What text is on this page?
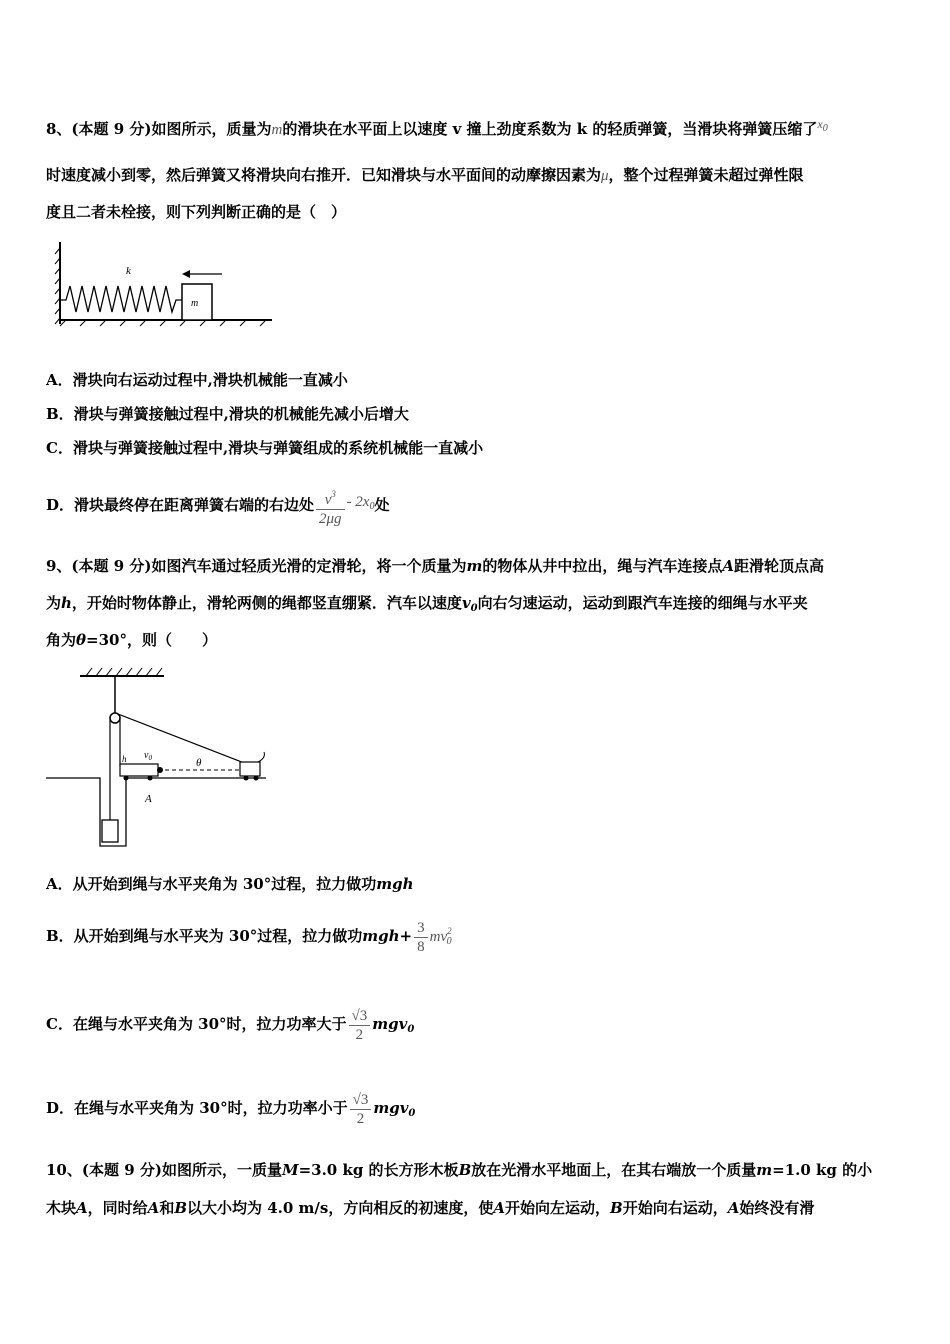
8、(本题 9 分)如图所示，质量为m的滑块在水平面上以速度 v 撞上劲度系数为 k 的轻质弹簧，当滑块将弹簧压缩了$^{x_0}$
时速度减小到零，然后弹簧又将滑块向右推开．已知滑块与水平面间的动摩擦因素为μ，整个过程弹簧未超过弹性限
度且二者未栓接，则下列判断正确的是（　）
k
m
A．滑块向右运动过程中,滑块机械能一直减小
B．滑块与弹簧接触过程中,滑块的机械能先减小后增大
C．滑块与弹簧接触过程中,滑块与弹簧组成的系统机械能一直减小
D．滑块最终停在距离弹簧右端的右边处 $\frac{v^3}{2\mu g} - 2x_0$处
9、(本题 9 分)如图汽车通过轻质光滑的定滑轮，将一个质量为m的物体从井中拉出，绳与汽车连接点A距滑轮顶点高
为h，开始时物体静止，滑轮两侧的绳都竖直绷紧．汽车以速度$v_0$向右匀速运动，运动到跟汽车连接的细绳与水平夹
角为θ=30°，则（　　）
$v_0$	θ
A
h
A．从开始到绳与水平夹角为 30°过程，拉力做功mgh
B．从开始到绳与水平夹为 30°过程，拉力做功$mgh+ \frac{3}{8} mv^2_0$
C．在绳与水平夹角为 30°时，拉力功率大于 $\frac{√3}{2} mgv_0$
D．在绳与水平夹角为 30°时，拉力功率小于 $\frac{√3}{2} mgv_0$
10、(本题 9 分)如图所示，一质量M=3.0 kg 的长方形木板B放在光滑水平地面上，在其右端放一个质量m=1.0 kg 的小
木块A，同时给A和B以大小均为 4.0 m/s，方向相反的初速度，使A开始向左运动，B开始向右运动，A始终没有滑
